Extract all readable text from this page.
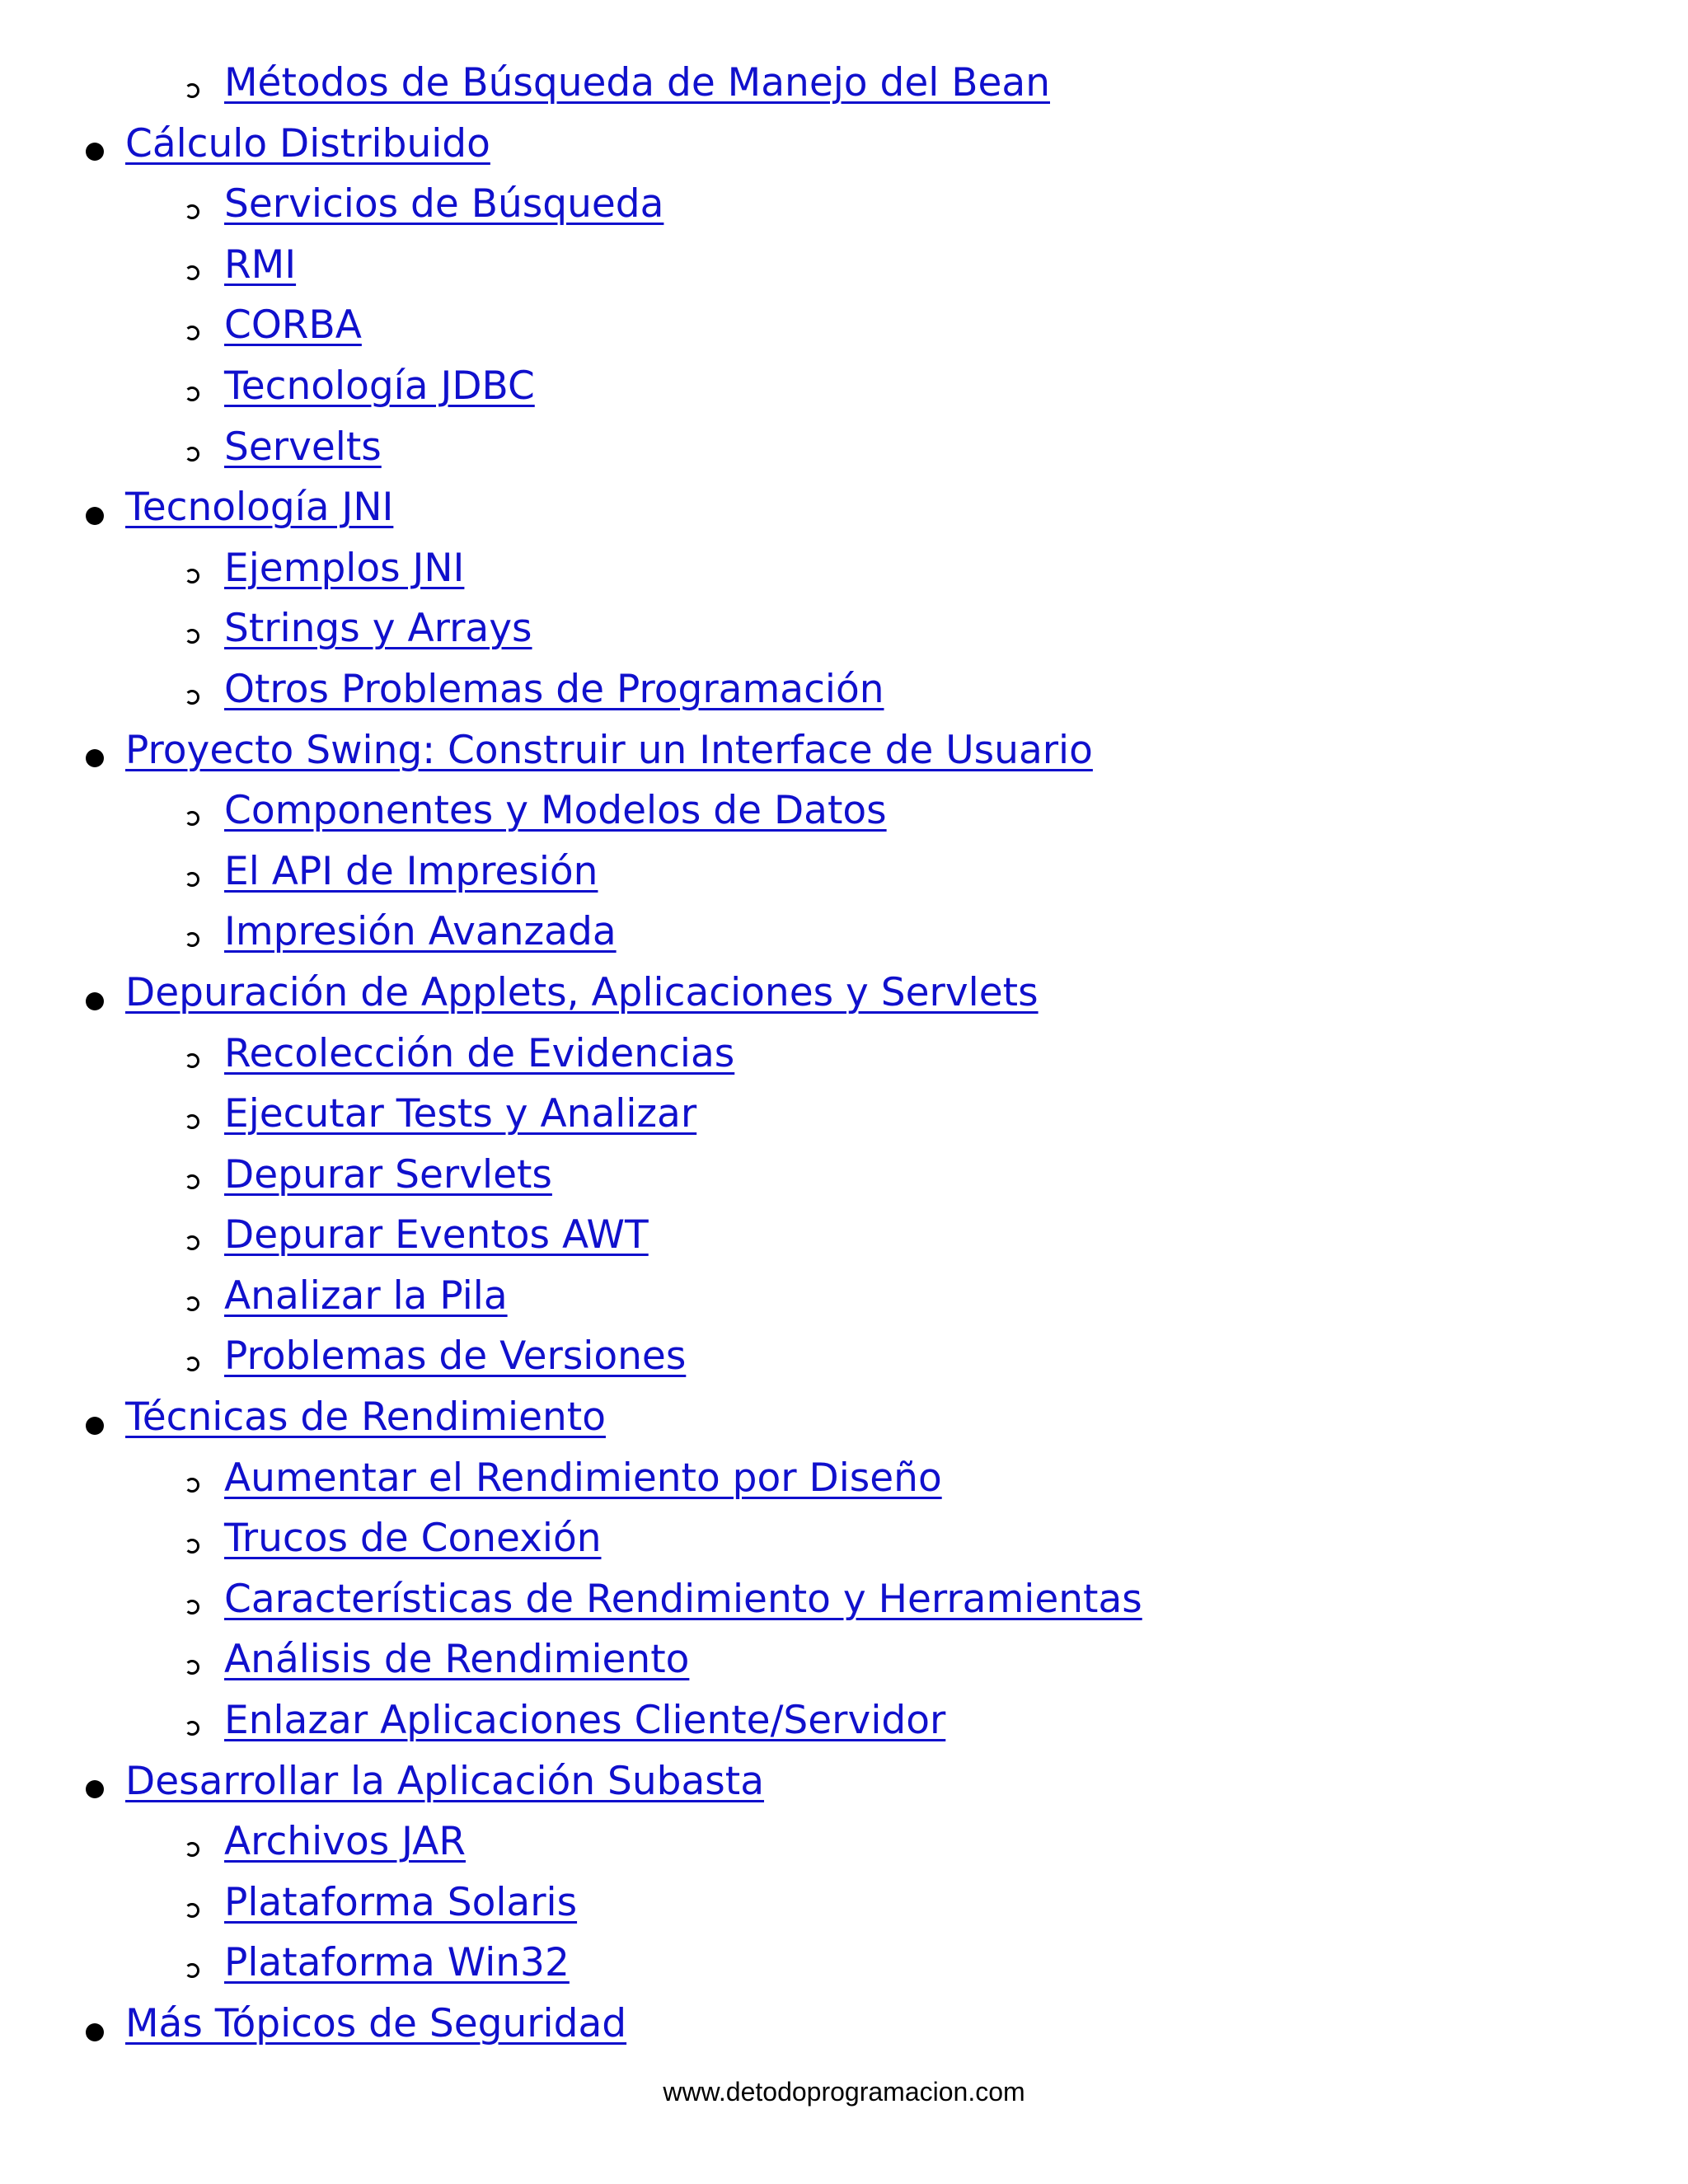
Métodos de Búsqueda de Manejo del Bean
Cálculo Distribuido
Servicios de Búsqueda
RMI
CORBA
Tecnología JDBC
Servelts
Tecnología JNI
Ejemplos JNI
Strings y Arrays
Otros Problemas de Programación
Proyecto Swing: Construir un Interface de Usuario
Componentes y Modelos de Datos
El API de Impresión
Impresión Avanzada
Depuración de Applets, Aplicaciones y Servlets
Recolección de Evidencias
Ejecutar Tests y Analizar
Depurar Servlets
Depurar Eventos AWT
Analizar la Pila
Problemas de Versiones
Técnicas de Rendimiento
Aumentar el Rendimiento por Diseño
Trucos de Conexión
Características de Rendimiento y Herramientas
Análisis de Rendimiento
Enlazar Aplicaciones Cliente/Servidor
Desarrollar la Aplicación Subasta
Archivos JAR
Plataforma Solaris
Plataforma Win32
Más Tópicos de Seguridad
www.detodoprogramacion.com
